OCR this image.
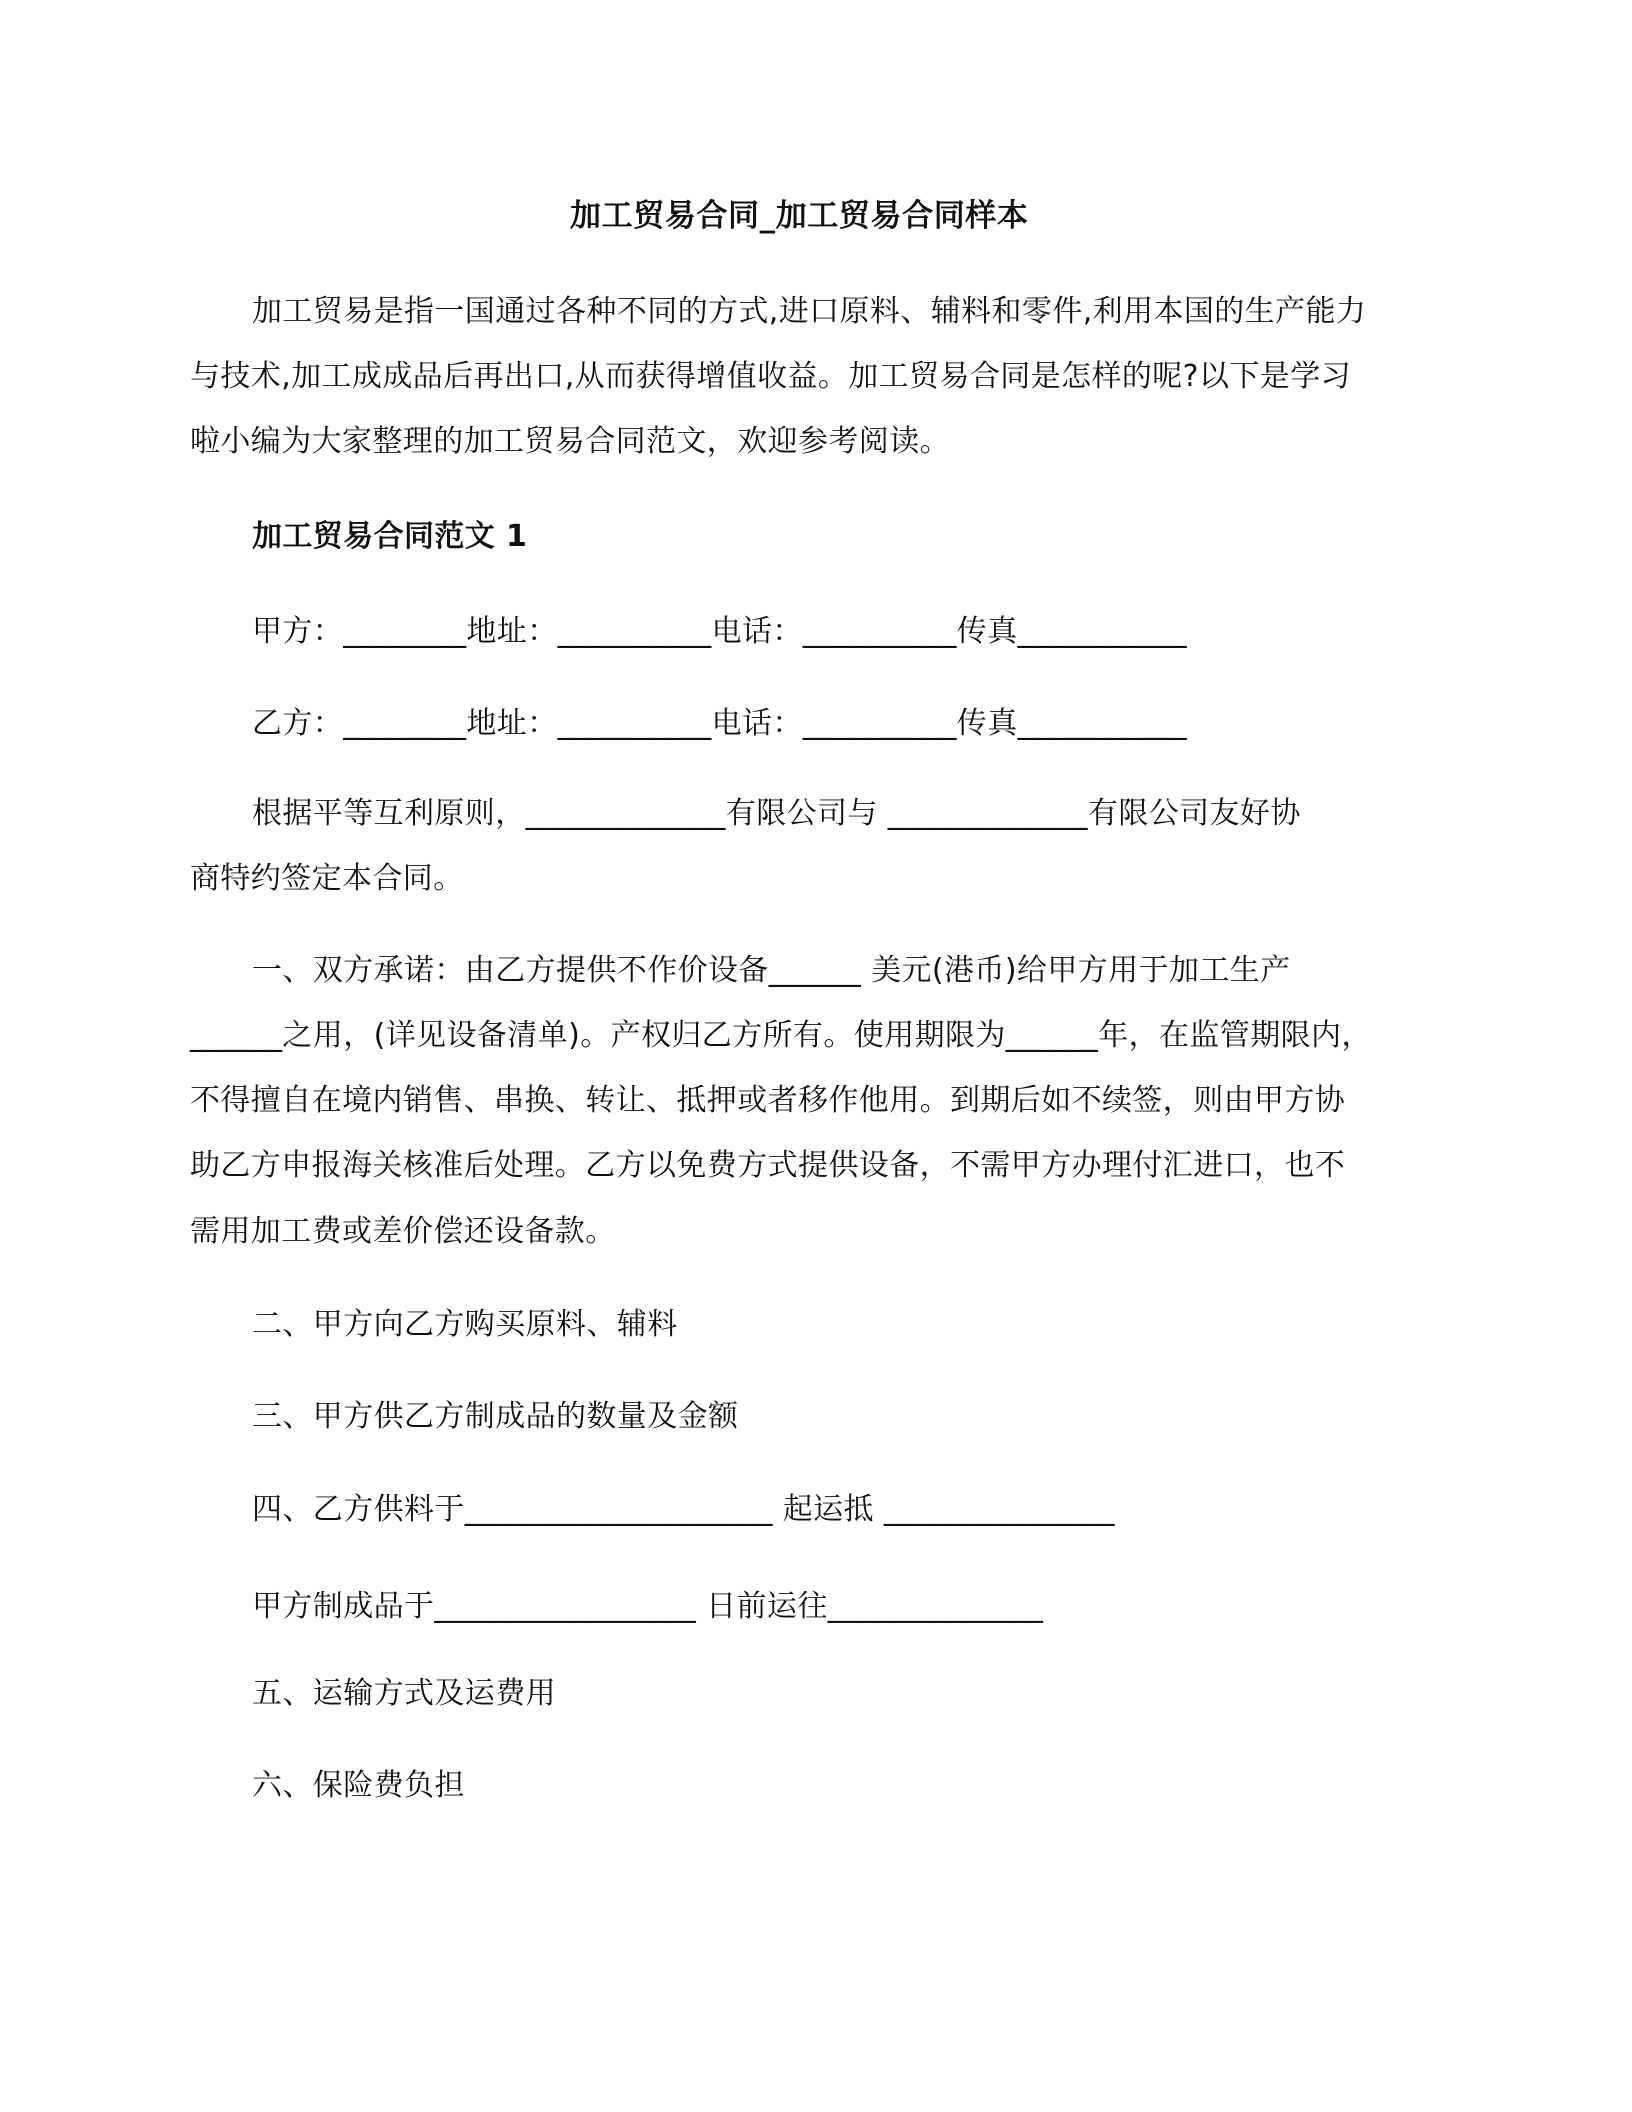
加工贸易合同_加工贸易合同样本
加工贸易是指一国通过各种不同的方式,进口原料、辅料和零件,利用本国的生产能力
与技术,加工成成品后再出口,从而获得增值收益。加工贸易合同是怎样的呢?以下是学习
啦小编为大家整理的加工贸易合同范文，欢迎参考阅读。
加工贸易合同范文 1
甲方：________地址：__________电话：__________传真___________
乙方：________地址：__________电话：__________传真___________
根据平等互利原则，_____________有限公司与 _____________有限公司友好协
商特约签定本合同。
一、双方承诺：由乙方提供不作价设备______ 美元(港币)给甲方用于加工生产
______之用，(详见设备清单)。产权归乙方所有。使用期限为______年，在监管期限内，
不得擅自在境内销售、串换、转让、抵押或者移作他用。到期后如不续签，则由甲方协
助乙方申报海关核准后处理。乙方以免费方式提供设备，不需甲方办理付汇进口，也不
需用加工费或差价偿还设备款。
二、甲方向乙方购买原料、辅料
三、甲方供乙方制成品的数量及金额
四、乙方供料于____________________ 起运抵 _______________
甲方制成品于_________________ 日前运往______________
五、运输方式及运费用
六、保险费负担
